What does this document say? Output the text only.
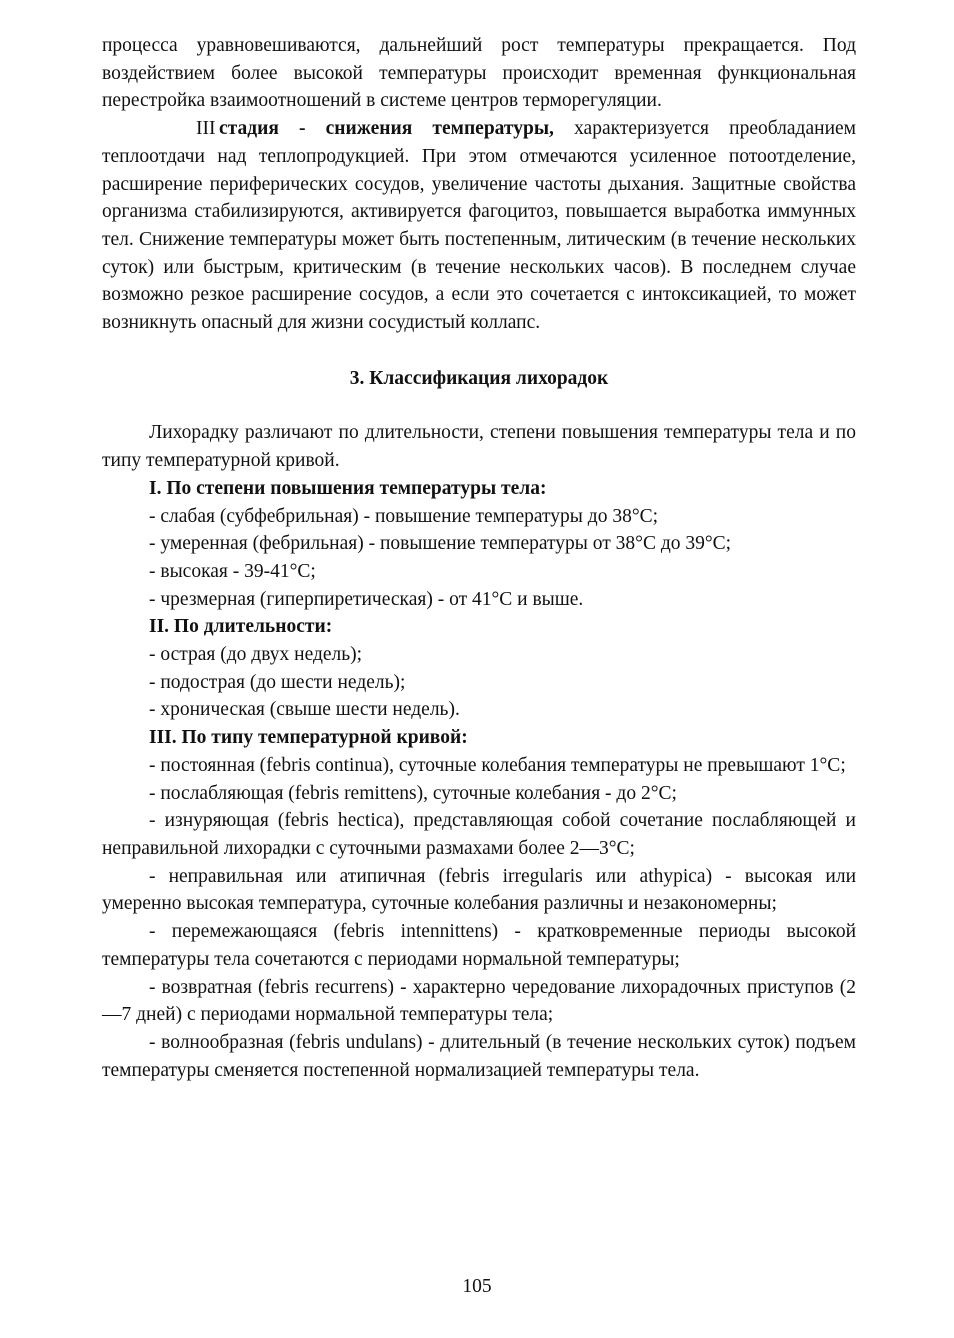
процесса уравновешиваются, дальнейший рост температуры прекращается. Под воздействием более высокой температуры происходит временная функциональная перестройка взаимоотношений в системе центров терморегуляции.

III стадия - снижения температуры, характеризуется преобладанием теплоотдачи над теплопродукцией. При этом отмечаются усиленное потоотделение, расширение периферических сосудов, увеличение частоты дыхания. Защитные свойства организма стабилизируются, активируется фагоцитоз, повышается выработка иммунных тел. Снижение температуры может быть постепенным, литическим (в течение нескольких суток) или быстрым, критическим (в течение нескольких часов). В последнем случае возможно резкое расширение сосудов, а если это сочетается с интоксикацией, то может возникнуть опасный для жизни сосудистый коллапс.

3. Классификация лихорадок

Лихорадку различают по длительности, степени повышения температуры тела и по типу температурной кривой.

I. По степени повышения температуры тела:

- слабая (субфебрильная) - повышение температуры до 38°С;

- умеренная (фебрильная) - повышение температуры от 38°С до 39°С;

- высокая - 39-41°С;

- чрезмерная (гиперпиретическая) - от 41°С и выше.

II. По длительности:

- острая (до двух недель);

- подострая (до шести недель);

- хроническая (свыше шести недель).

III. По типу температурной кривой:

- постоянная (febris continua), суточные колебания температуры не превышают 1°С;

- послабляющая (febris remittens), суточные колебания - до 2°С;

- изнуряющая (febris hectica), представляющая собой сочетание послабляющей и неправильной лихорадки с суточными размахами более 2—3°С;

- неправильная или атипичная (febris irregularis или athypica) - высокая или умеренно высокая температура, суточные колебания различны и незакономерны;

- перемежающаяся (febris intennittens) - кратковременные периоды высокой температуры тела сочетаются с периодами нормальной температуры;

- возвратная (febris recurrens) - характерно чередование лихорадочных приступов (2—7 дней) с периодами нормальной температуры тела;

- волнообразная (febris undulans) - длительный (в течение нескольких суток) подъем температуры сменяется постепенной нормализацией температуры тела.

105
